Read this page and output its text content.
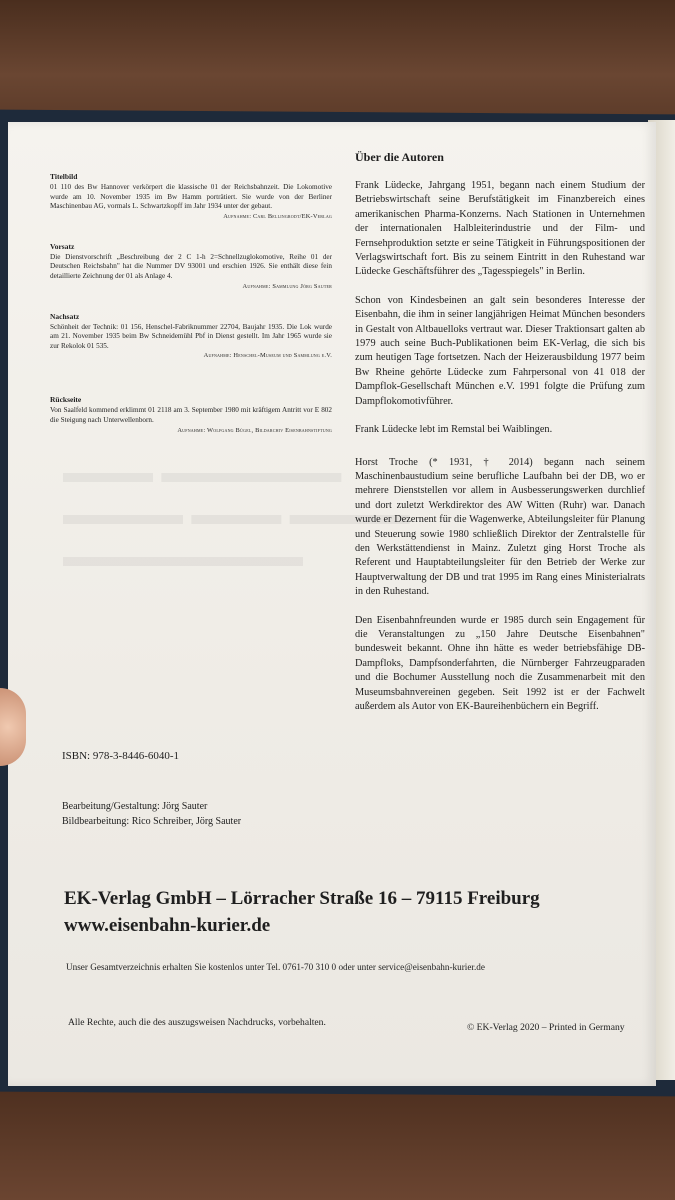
▬▬▬ ▬▬▬▬▬▬
▬▬▬▬ ▬▬▬ ▬▬▬▬
▬▬▬▬▬▬▬▬
Titelbild

01 110 des Bw Hannover verkörpert die klassische 01 der Reichsbahnzeit. Die Lokomotive wurde am 10. November 1935 im Bw Hamm porträtiert. Sie wurde von der Berliner Maschinenbau AG, vormals L. Schwartzkopff im Jahr 1934 unter der gebaut.

Aufnahme: Carl Bellingrodt/EK-Verlag
Vorsatz

Die Dienstvorschrift „Beschreibung der 2 C 1-h 2=Schnellzuglokomotive, Reihe 01 der Deutschen Reichsbahn" hat die Nummer DV 93001 und erschien 1926. Sie enthält diese fein detaillierte Zeichnung der 01 als Anlage 4.

Aufnahme: Sammlung Jörg Sauter
Nachsatz

Schönheit der Technik: 01 156, Henschel-Fabriknummer 22704, Baujahr 1935. Die Lok wurde am 21. November 1935 beim Bw Schneidemühl Pbf in Dienst gestellt. Im Jahr 1965 wurde sie zur Rekolok 01 535.

Aufnahme: Henschel-Museum und Sammlung e.V.
Rückseite

Von Saalfeld kommend erklimmt 01 2118 am 3. September 1980 mit kräftigem Antritt vor E 802 die Steigung nach Unterwellenborn.

Aufnahme: Wolfgang Bügel, Bildarchiv Eisenbahnstiftung
Über die Autoren

Frank Lüdecke, Jahrgang 1951, begann nach einem Studium der Betriebswirtschaft seine Berufstätigkeit im Finanzbereich eines amerikanischen Pharma-Konzerns. Nach Stationen in Unternehmen der internationalen Halbleiterindustrie und der Film- und Fernsehproduktion setzte er seine Tätigkeit in Führungspositionen der Verlagswirtschaft fort. Bis zu seinem Eintritt in den Ruhestand war Lüdecke Geschäftsführer des „Tagesspiegels" in Berlin.

Schon von Kindesbeinen an galt sein besonderes Interesse der Eisenbahn, die ihm in seiner langjährigen Heimat München besonders in Gestalt von Altbauelloks vertraut war. Dieser Traktionsart galten ab 1979 auch seine Buch-Publikationen beim EK-Verlag, die sich bis zum heutigen Tage fortsetzen. Nach der Heizerausbildung 1977 beim Bw Rheine gehörte Lüdecke zum Fahrpersonal von 41 018 der Dampflok-Gesellschaft München e.V. 1991 folgte die Prüfung zum Dampflokomotivführer.

Frank Lüdecke lebt im Remstal bei Waiblingen.

Horst Troche (* 1931, † 2014) begann nach seinem Maschinenbaustudium seine berufliche Laufbahn bei der DB, wo er mehrere Dienststellen vor allem in Ausbesserungswerken durchlief und dort zuletzt Werkdirektor des AW Witten (Ruhr) war. Danach wurde er Dezernent für die Wagenwerke, Abteilungsleiter für Planung und Steuerung sowie 1980 schließlich Direktor der Zentralstelle für den Werkstättendienst in Mainz. Zuletzt ging Horst Troche als Referent und Hauptabteilungsleiter für den Betrieb der Werke zur Hauptverwaltung der DB und trat 1995 im Rang eines Ministerialrats in den Ruhestand.

Den Eisenbahnfreunden wurde er 1985 durch sein Engagement für die Veranstaltungen zu „150 Jahre Deutsche Eisenbahnen" bundesweit bekannt. Ohne ihn hätte es weder betriebsfähige DB-Dampfloks, Dampfsonderfahrten, die Nürnberger Fahrzeugparaden und die Bochumer Ausstellung noch die Zusammenarbeit mit den Museumsbahnvereinen gegeben. Seit 1992 ist er der Fachwelt außerdem als Autor von EK-Baureihenbüchern ein Begriff.

ISBN: 978-3-8446-6040-1
Bearbeitung/Gestaltung: Jörg Sauter
Bildbearbeitung: Rico Schreiber, Jörg Sauter
EK-Verlag GmbH – Lörracher Straße 16 – 79115 Freiburg
www.eisenbahn-kurier.de
Unser Gesamtverzeichnis erhalten Sie kostenlos unter Tel. 0761-70 310 0 oder unter service@eisenbahn-kurier.de
Alle Rechte, auch die des auszugsweisen Nachdrucks, vorbehalten.	© EK-Verlag 2020 – Printed in Germany
